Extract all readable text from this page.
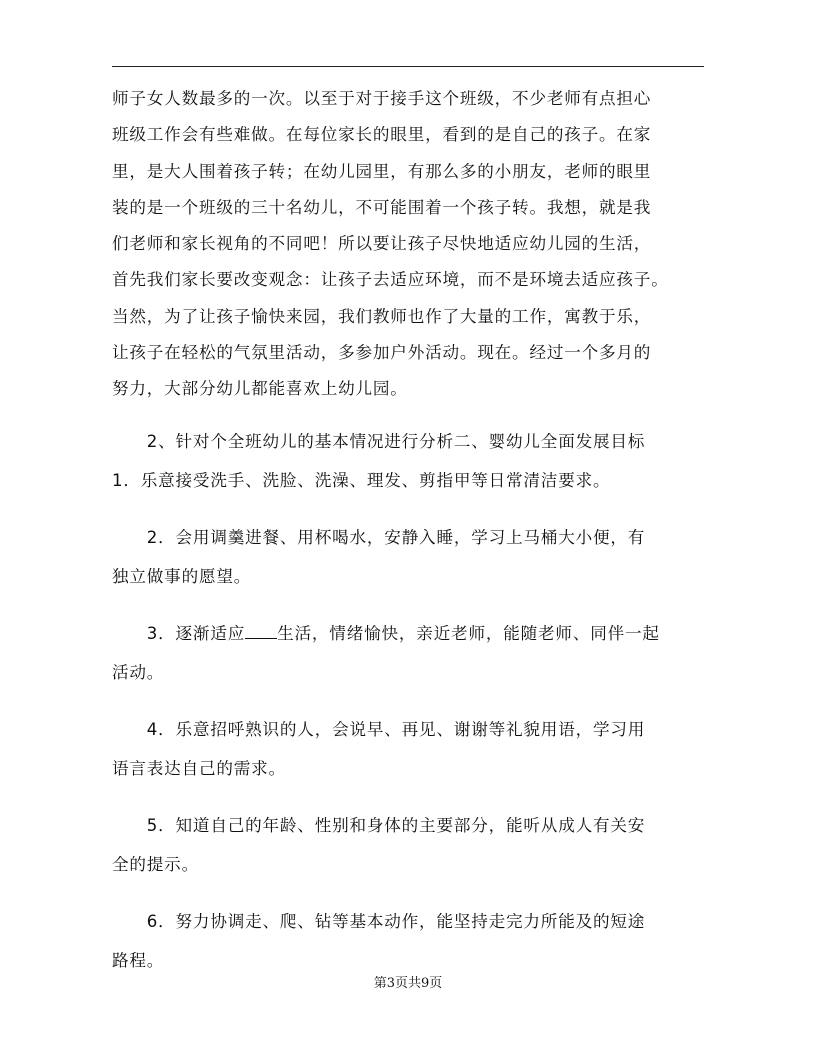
师子女人数最多的一次。以至于对于接手这个班级，不少老师有点担心

班级工作会有些难做。在每位家长的眼里，看到的是自己的孩子。在家

里，是大人围着孩子转；在幼儿园里，有那么多的小朋友，老师的眼里

装的是一个班级的三十名幼儿，不可能围着一个孩子转。我想，就是我

们老师和家长视角的不同吧！所以要让孩子尽快地适应幼儿园的生活，

首先我们家长要改变观念：让孩子去适应环境，而不是环境去适应孩子。

当然，为了让孩子愉快来园，我们教师也作了大量的工作，寓教于乐，

让孩子在轻松的气氛里活动，多参加户外活动。现在。经过一个多月的

努力，大部分幼儿都能喜欢上幼儿园。

　　2、针对个全班幼儿的基本情况进行分析二、婴幼儿全面发展目标

1．乐意接受洗手、洗脸、洗澡、理发、剪指甲等日常清洁要求。

　　2．会用调羹进餐、用杯喝水，安静入睡，学习上马桶大小便，有

独立做事的愿望。

　　3．逐渐适应 生活，情绪愉快，亲近老师，能随老师、同伴一起

活动。

　　4．乐意招呼熟识的人，会说早、再见、谢谢等礼貌用语，学习用

语言表达自己的需求。

　　5．知道自己的年龄、性别和身体的主要部分，能听从成人有关安

全的提示。

　　6．努力协调走、爬、钻等基本动作，能坚持走完力所能及的短途

路程。

第3页共9页
